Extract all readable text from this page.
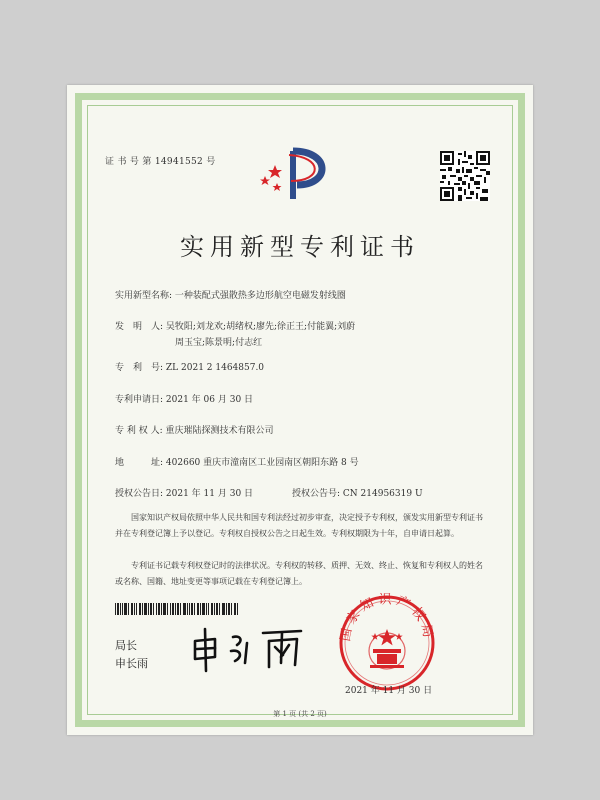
证 书 号 第 14941552 号
实用新型专利证书
实用新型名称: 一种装配式强散热多边形航空电磁发射线圈
发　明　人: 吴牧阳;刘龙欢;胡绪权;廖先;徐正王;付能翼;刘蔚
周玉宝;陈景明;付志红
专　利　号: ZL 2021 2 1464857.0
专利申请日: 2021 年 06 月 30 日
专 利 权 人: 重庆璀陆探测技术有限公司
地　　　址: 402660 重庆市潼南区工业园南区朝阳东路 8 号
授权公告日: 2021 年 11 月 30 日	授权公告号: CN 214956319 U
国家知识产权局依照中华人民共和国专利法经过初步审查，决定授予专利权，颁发实用新型专利证书并在专利登记簿上予以登记。专利权自授权公告之日起生效。专利权期限为十年，自申请日起算。
专利证书记载专利权登记时的法律状况。专利权的转移、质押、无效、终止、恢复和专利权人的姓名或名称、国籍、地址变更等事项记载在专利登记簿上。
局长
申长雨
国家知识产权局
2021 年 11 月 30 日
第 1 页 (共 2 页)
